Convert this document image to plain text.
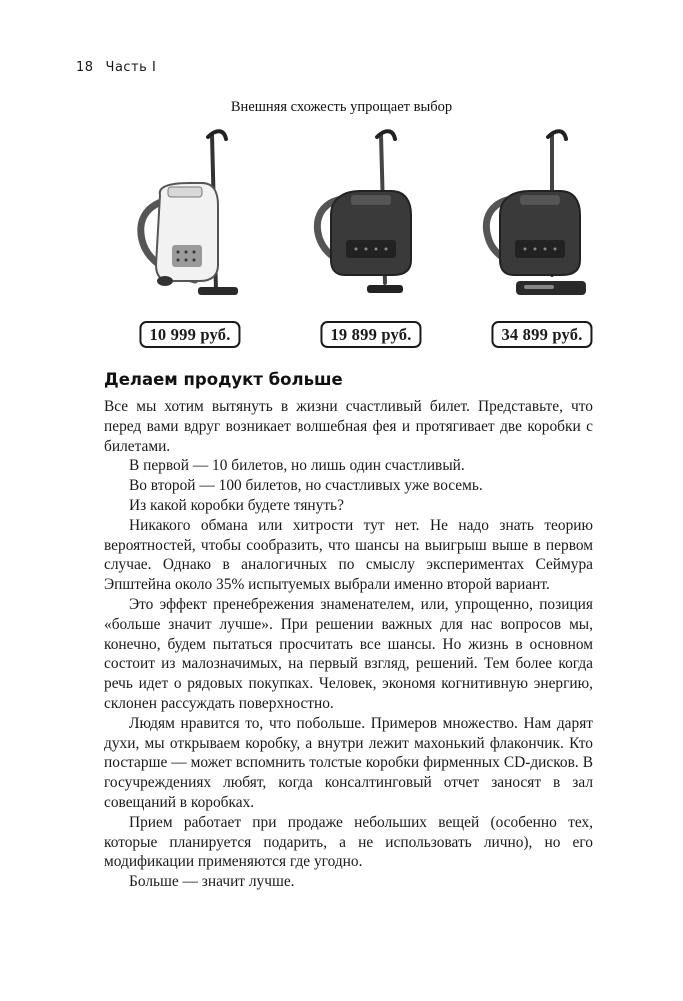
18 Часть I
Внешняя схожесть упрощает выбор
10 999 руб.	19 899 руб.	34 899 руб.
Делаем продукт больше

Все мы хотим вытянуть в жизни счастливый билет. Представьте, что перед вами вдруг возникает волшебная фея и протягивает две коробки с билетами.

В первой — 10 билетов, но лишь один счастливый.

Во второй — 100 билетов, но счастливых уже восемь.

Из какой коробки будете тянуть?

Никакого обмана или хитрости тут нет. Не надо знать теорию вероятностей, чтобы сообразить, что шансы на выигрыш выше в первом случае. Однако в аналогичных по смыслу экспериментах Сеймура Эпштейна около 35% испытуемых выбрали именно второй вариант.

Это эффект пренебрежения знаменателем, или, упрощенно, позиция «больше значит лучше». При решении важных для нас вопросов мы, конечно, будем пытаться просчитать все шансы. Но жизнь в основном состоит из малозначимых, на первый взгляд, решений. Тем более когда речь идет о рядовых покупках. Человек, экономя когнитивную энергию, склонен рассуждать поверхностно.

Людям нравится то, что побольше. Примеров множество. Нам дарят духи, мы открываем коробку, а внутри лежит махонький флакончик. Кто постарше — может вспомнить толстые коробки фирменных CD-дисков. В госучреждениях любят, когда консалтинговый отчет заносят в зал совещаний в коробках.

Прием работает при продаже небольших вещей (особенно тех, которые планируется подарить, а не использовать лично), но его модификации применяются где угодно.

Больше — значит лучше.
